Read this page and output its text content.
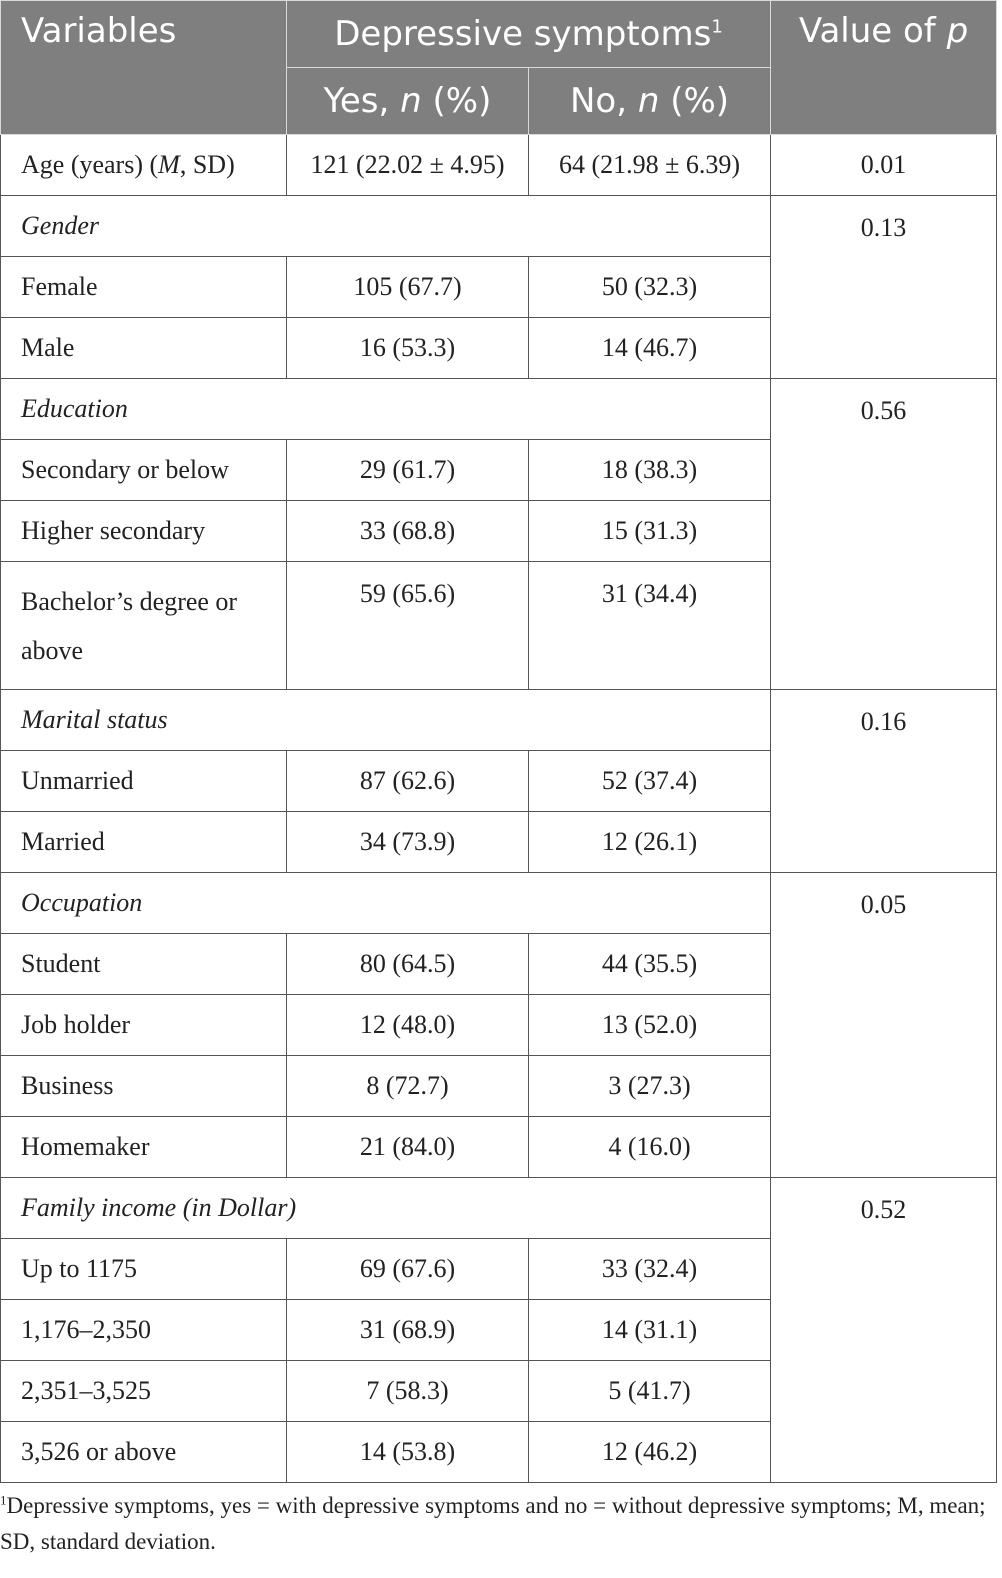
Variables	Depressive symptoms$^1$		Value of p
	Yes, n (%)	No, n (%)	
Age (years) (M, SD)	121 (22.02 ± 4.95)	64 (21.98 ± 6.39)	0.01
Gender			0.13
Female	105 (67.7)	50 (32.3)	
Male	16 (53.3)	14 (46.7)	
Education			0.56
Secondary or below	29 (61.7)	18 (38.3)	
Higher secondary	33 (68.8)	15 (31.3)	
Bachelor’s degree or above	59 (65.6)	31 (34.4)	
Marital status			0.16
Unmarried	87 (62.6)	52 (37.4)	
Married	34 (73.9)	12 (26.1)	
Occupation			0.05
Student	80 (64.5)	44 (35.5)	
Job holder	12 (48.0)	13 (52.0)	
Business	8 (72.7)	3 (27.3)	
Homemaker	21 (84.0)	4 (16.0)	
Family income (in Dollar)			0.52
Up to 1175	69 (67.6)	33 (32.4)	
1,176–2,350	31 (68.9)	14 (31.1)	
2,351–3,525	7 (58.3)	5 (41.7)	
3,526 or above	14 (53.8)	12 (46.2)	
$^1$Depressive symptoms, yes = with depressive symptoms and no = without depressive symptoms; M, mean; SD, standard deviation.
